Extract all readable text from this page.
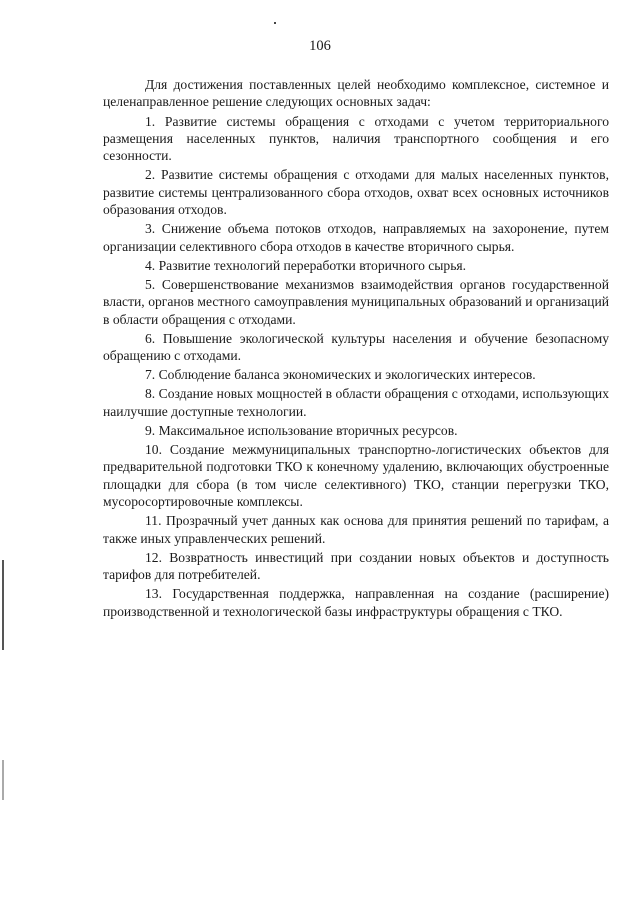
106

Для достижения поставленных целей необходимо комплексное, системное и целенаправленное решение следующих основных задач:

1. Развитие системы обращения с отходами с учетом территориального размещения населенных пунктов, наличия транспортного сообщения и его сезонности.

2. Развитие системы обращения с отходами для малых населенных пунктов, развитие системы централизованного сбора отходов, охват всех основных источников образования отходов.

3. Снижение объема потоков отходов, направляемых на захоронение, путем организации селективного сбора отходов в качестве вторичного сырья.

4. Развитие технологий переработки вторичного сырья.

5. Совершенствование механизмов взаимодействия органов государственной власти, органов местного самоуправления муниципальных образований и организаций в области обращения с отходами.

6. Повышение экологической культуры населения и обучение безопасному обращению с отходами.

7. Соблюдение баланса экономических и экологических интересов.

8. Создание новых мощностей в области обращения с отходами, использующих наилучшие доступные технологии.

9. Максимальное использование вторичных ресурсов.

10. Создание межмуниципальных транспортно-логистических объектов для предварительной подготовки ТКО к конечному удалению, включающих обустроенные площадки для сбора (в том числе селективного) ТКО, станции перегрузки ТКО, мусоросортировочные комплексы.

11. Прозрачный учет данных как основа для принятия решений по тарифам, а также иных управленческих решений.

12. Возвратность инвестиций при создании новых объектов и доступность тарифов для потребителей.

13. Государственная поддержка, направленная на создание (расширение) производственной и технологической базы инфраструктуры обращения с ТКО.
